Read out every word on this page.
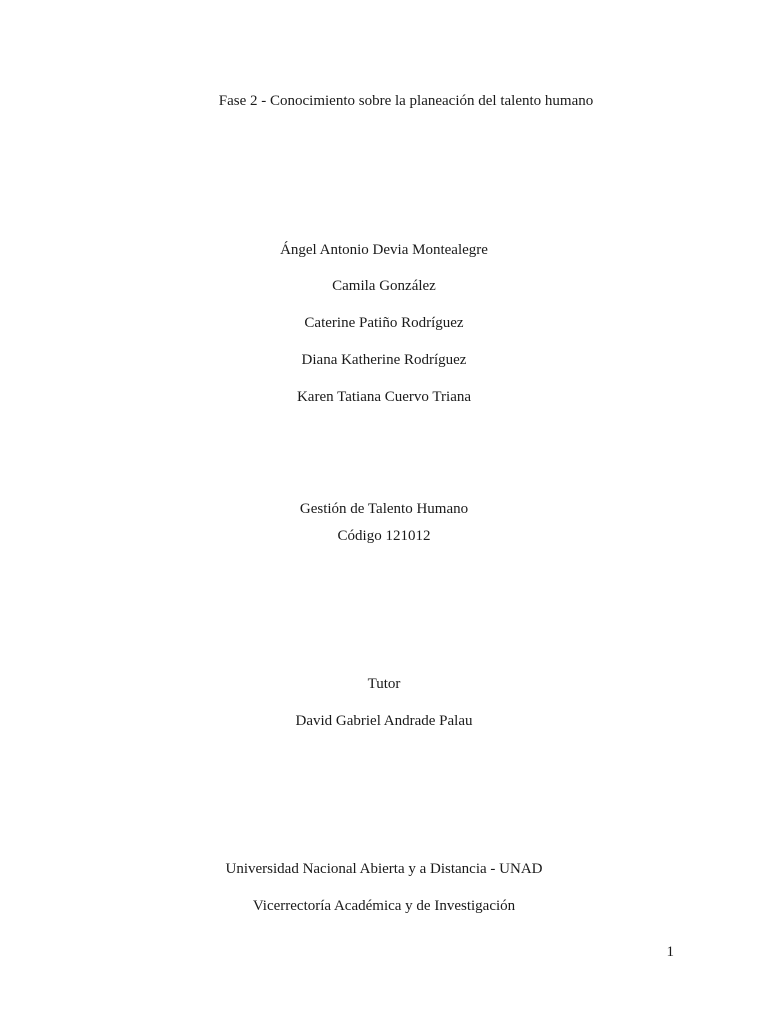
Fase 2 - Conocimiento sobre la planeación del talento humano
Ángel Antonio Devia Montealegre
Camila González
Caterine Patiño Rodríguez
Diana Katherine Rodríguez
Karen Tatiana Cuervo Triana
Gestión de Talento Humano
Código 121012
Tutor
David Gabriel Andrade Palau
Universidad Nacional Abierta y a Distancia - UNAD
Vicerrectoría Académica y de Investigación
1
